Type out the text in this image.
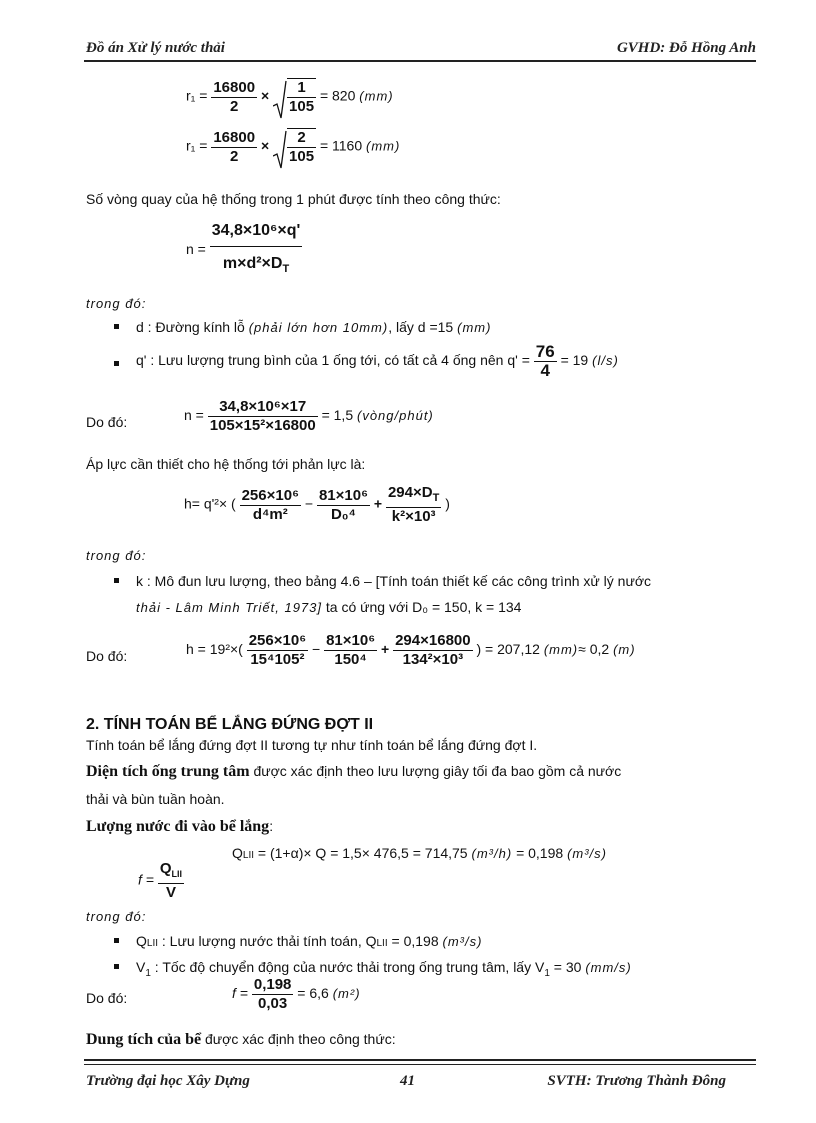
Đồ án Xử lý nước thải	GVHD: Đỗ Hồng Anh
$r_1 = \frac{16800}{2} \times \frac{1}{105} = 820$ (mm)
$r_1 = \frac{16800}{2} \times \frac{2}{105} = 1160$ (mm)
Số vòng quay của hệ thống trong 1 phút được tính theo công thức:
$n = \frac{\text{34,8×10⁶×q'}}{m\times d^2\times D_T}$
trong đó:
d : Đường kính lỗ (phải lớn hơn 10mm), lấy d =15 (mm)
q' : Lưu lượng trung bình của 1 ống tới, có tất cả 4 ống nên $q' = \frac{76}{4} = 19$ (l/s)
Do đó:	$n = \frac{\text{34,8×10⁶×17}}{\text{105×15²×16800}} = 1,5$ (vòng/phút)
Áp lực cần thiết cho hệ thống tới phản lực là:
h= q'²× ( $\frac{\text{256×10⁶}}{\text{d⁴m²}} - \frac{\text{81×10⁶}}{\text{D₀⁴}} + \frac{294\times D_T}{\text{k²×10³}}$ )
trong đó:
k : Mô đun lưu lượng, theo bảng 4.6 – [Tính toán thiết kế các công trình xử lý nước
thải - Lâm Minh Triết, 1973] ta có ứng với D₀ = 150, k = 134
Do đó:	$h = 19^2\times( \frac{\text{256×10⁶}}{\text{15⁴105²}} - \frac{\text{81×10⁶}}{\text{150⁴}} + \frac{294\times 16800}{\text{134²×10³}}$ ) = 207,12 (mm)≈ 0,2 (m)
2. TÍNH TOÁN BỂ LẮNG ĐỨNG ĐỢT II
Tính toán bể lắng đứng đợt II tương tự như tính toán bể lắng đứng đợt I.
Diện tích ống trung tâm được xác định theo lưu lượng giây tối đa bao gồm cả nước
thải và bùn tuần hoàn.
Lượng nước đi vào bể lắng:
QLII = (1+α)× Q = 1,5× 476,5 = 714,75 (m³/h) = 0,198 (m³/s)
$f = \frac{Q_{LII}}{V}$
trong đó:
QLII : Lưu lượng nước thải tính toán, QLII = 0,198 (m³/s)
$V_1$ : Tốc độ chuyển động của nước thải trong ống trung tâm, lấy $V_1 = 30$ (mm/s)
Do đó:	$f = \frac{0,198}{0,03} = 6,6$ (m²)
Dung tích của bể được xác định theo công thức:
Trường đại học Xây Dựng	41	SVTH: Trương Thành Đông
